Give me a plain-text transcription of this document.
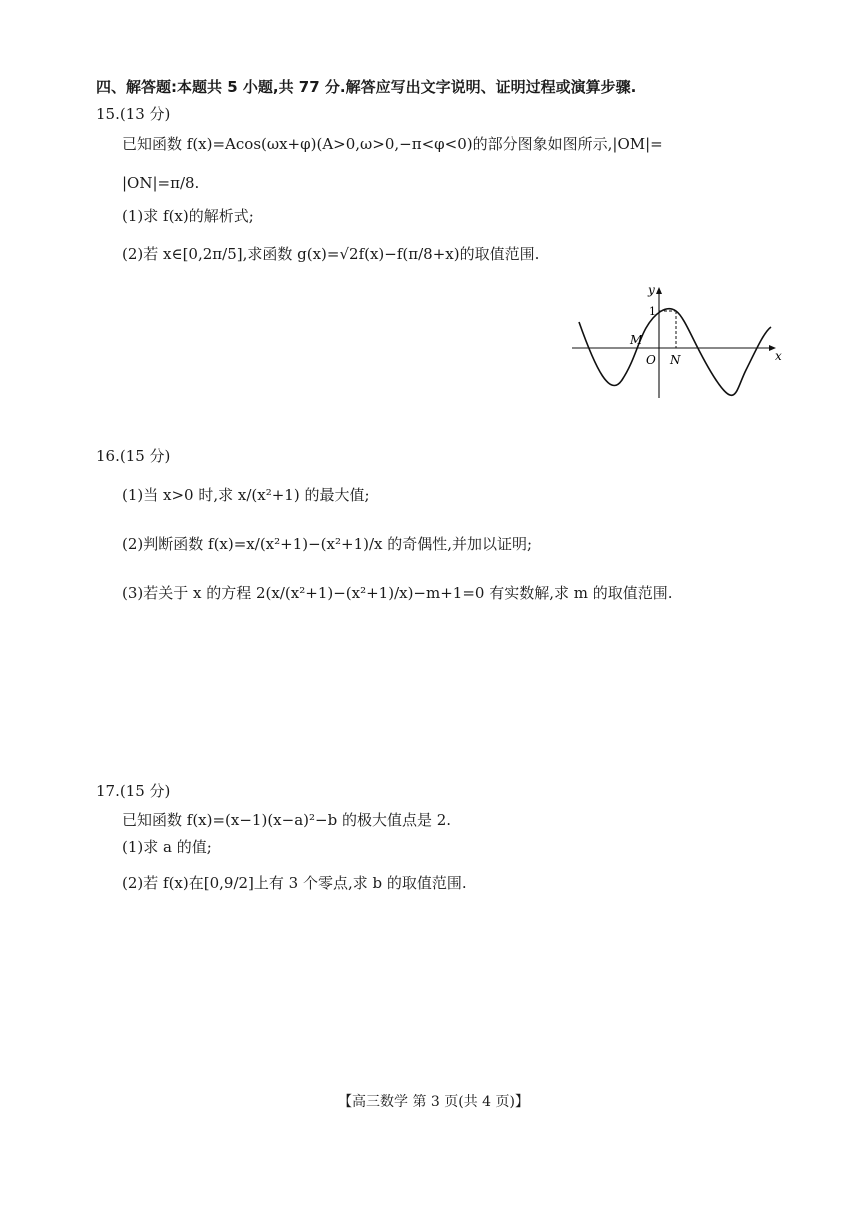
四、解答题:本题共 5 小题,共 77 分.解答应写出文字说明、证明过程或演算步骤.
15.(13 分)
已知函数 f(x)=Acos(ωx+φ)(A>0,ω>0,−π<φ<0)的部分图象如图所示,|OM|=
|ON|=π/8.
(1)求 f(x)的解析式;
(2)若 x∈[0,2π/5],求函数 g(x)=√2f(x)−f(π/8+x)的取值范围.
y
x
1
M
O N
16.(15 分)
(1)当 x>0 时,求 x/(x²+1) 的最大值;
(2)判断函数 f(x)=x/(x²+1)−(x²+1)/x 的奇偶性,并加以证明;
(3)若关于 x 的方程 2(x/(x²+1)−(x²+1)/x)−m+1=0 有实数解,求 m 的取值范围.
17.(15 分)
已知函数 f(x)=(x−1)(x−a)²−b 的极大值点是 2.
(1)求 a 的值;
(2)若 f(x)在[0,9/2]上有 3 个零点,求 b 的取值范围.
【高三数学 第 3 页(共 4 页)】
